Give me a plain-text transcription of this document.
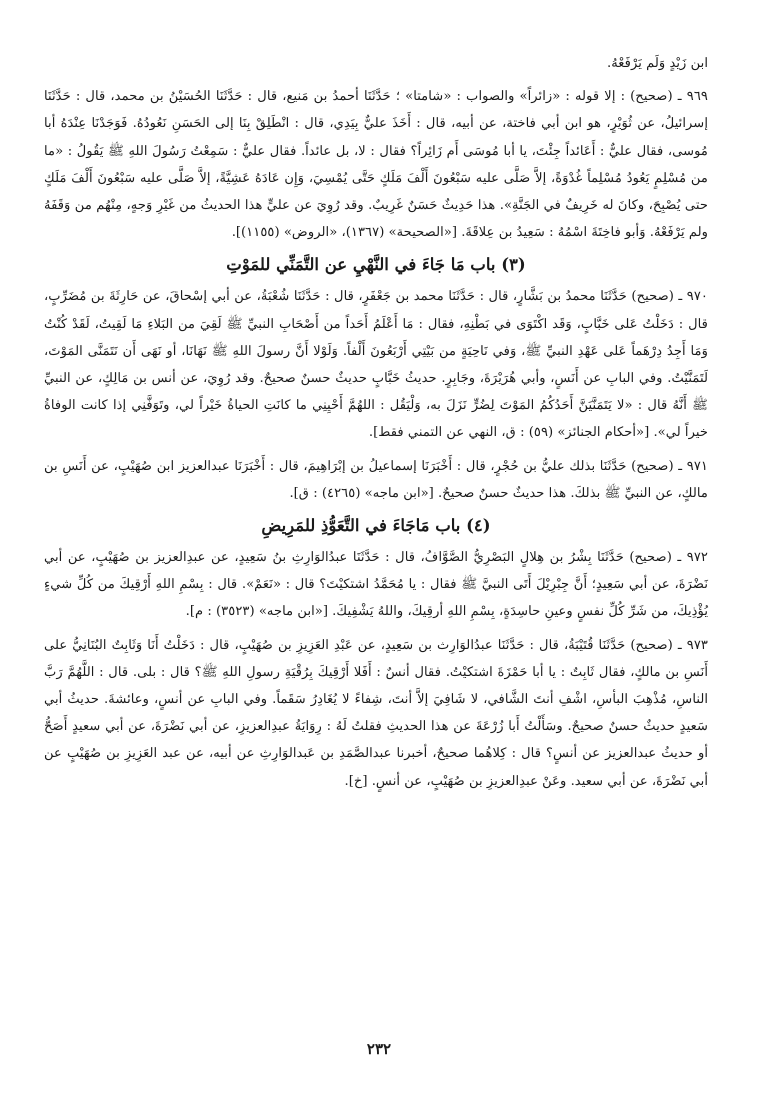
ابن زَيْدٍ وَلَم يَرْفَعْهُ.

٩٦٩ ـ (صحيح) : إلا قوله : «زائراً» والصواب : «شامتا» ؛ حَدَّثَنَا أحمدُ بن مَنيع، قال : حَدَّثَنَا الحُسَيْنُ بن محمد، قال : حَدَّثَنَا إسرائيلُ، عن ثُوَيْرٍ، هو ابن أبي فاختة، عن أبيه، قال : أَخَذَ عليٌّ بِيَدِي، قال : انْطَلِقْ بِنَا إلى الحَسَنِ نَعُودُهُ. فَوَجَدْنَا عِنْدَهُ أبا مُوسى، فقال عليٌّ : أَعَائداً جِئْتَ، يا أبا مُوسَى أَم زَائِراً؟ فقال : لا، بل عائداً. فقال عليٌّ : سَمِعْتُ رَسُولَ اللهِ ﷺ يَقُولُ : «ما من مُسْلِمٍ يَعُودُ مُسْلِماً غُدْوَةً، إلاَّ صَلَّى عليه سَبْعُونَ أَلْفَ مَلَكٍ حَتَّى يُمْسِيَ، وَإِن عَادَهُ عَشِيَّةً، إلاَّ صَلَّى عليه سَبْعُونَ أَلْفَ مَلَكٍ حتى يُصْبِحَ، وكانَ له خَرِيفٌ في الجَنَّةِ». هذا حَدِيثٌ حَسَنٌ غَرِيبٌ. وقد رُوِيَ عن عليٍّ هذا الحديثُ من غَيْرِ وَجهٍ، مِنْهُم من وَقَفَهُ ولم يَرْفَعْهُ. وَأبو فاخِتَةَ اسْمُهُ : سَعِيدُ بن عِلاقَةَ. [«الصحيحة» (١٣٦٧)، «الروض» (١١٥٥)].

(٣) باب مَا جَاءَ في النَّهْيِ عن التَّمَنِّي للمَوْتِ

٩٧٠ ـ (صحيح) حَدَّثَنَا محمدُ بن بَشَّارٍ، قال : حَدَّثَنَا محمد بن جَعْفَرٍ، قال : حَدَّثَنَا شُعْبَةُ، عن أبي إسْحاقَ، عن حَارِثَةَ بن مُضَرِّبٍ، قال : دَخَلْتُ عَلى خَبَّابٍ، وَقَد اكْتَوَى في بَطْنِهِ، فقال : مَا أَعْلَمُ أَحَداً من أَصْحَابِ النبيِّ ﷺ لَقِيَ من البَلاءِ مَا لَقِيتُ، لَقَدْ كُنْتُ وَمَا أَجِدُ دِرْهَماً عَلى عَهْدِ النبيِّ ﷺ، وَفي نَاحِيَةٍ من بَيْتِي أَرْبَعُونَ أَلْفاً. وَلَوْلا أَنَّ رسولَ اللهِ ﷺ نَهَانَا، أو نَهَى أَن نَتَمَنَّى المَوْتَ، لَتَمَنَّيْتُ. وفي البابِ عن أَنَسٍ، وأبي هُرَيْرَةَ، وجَابِرٍ. حديثُ خَبَّابٍ حديثٌ حسنٌ صحيحٌ. وقد رُوِيَ، عن أنس بن مَالِكٍ، عن النبيِّ ﷺ أَنَّهُ قال : «لا يَتَمَنَّيَنَّ أَحَدُكُمُ المَوْتَ لِضُرٍّ نَزَلَ به، وَلْيَقُل : اللهُمَّ أَحْيِنِي ما كانَتِ الحياةُ خَيْراً لي، وتَوَفَّنِي إذا كانت الوفاةُ خيراً لي». [«أحكام الجنائز» (٥٩) : ق، النهي عن التمني فقط].

٩٧١ ـ (صحيح) حَدَّثَنَا بذلك عليُّ بن حُجْرٍ، قال : أَخْبَرَنَا إسماعيلُ بن إبْرَاهِيمَ، قال : أَخْبَرَنَا عبدالعزيز ابن صُهَيْبٍ، عن أَنَسِ بن مالكٍ، عن النبيِّ ﷺ بذلكَ. هذا حديثٌ حسنٌ صحيحٌ. [«ابن ماجه» (٤٢٦٥) : ق].

(٤) باب مَاجَاءَ في التَّعَوُّذِ للمَرِيضِ

٩٧٢ ـ (صحيح) حَدَّثَنَا بِشْرُ بن هِلالٍ البَصْرِيُّ الصَّوَّافُ، قال : حَدَّثَنَا عبدُالوَارِثِ بنُ سَعِيدٍ، عن عبدِالعزيز بن صُهَيْبٍ، عن أبي نَضْرَةَ، عن أبي سَعِيدٍ؛ أَنَّ جِبْرِيْلَ أَتَى النبيَّ ﷺ فقال : يا مُحَمَّدُ اشتكيْتَ؟ قال : «نَعَمْ». قال : بِسْمِ اللهِ أَرْقِيكَ من كُلِّ شيءٍ يُؤْذِيكَ، من شَرِّ كُلِّ نفسٍ وعينِ حاسِدَةٍ، بِسْمِ اللهِ أرقِيكَ، واللهُ يَشْفِيكَ. [«ابن ماجه» (٣٥٢٣) : م].

٩٧٣ ـ (صحيح) حَدَّثَنَا قُتَيْبَةُ، قال : حَدَّثَنَا عبدُالوَارِث بن سَعِيدٍ، عن عَبْدِ العَزِيزِ بن صُهَيْبٍ، قال : دَخَلْتُ أَنَا وَثَابِتٌ البُنَانِيُّ على أَنَسِ بن مالكٍ، فقال ثَابِتٌ : يا أبا حَمْزَةَ اشتكيْتُ. فقال أنسٌ : أَفَلا أَرْقِيكَ بِرُقْيَةِ رسولِ اللهِ ﷺ؟ قال : بلى. قال : اللَّهُمَّ رَبَّ الناسِ، مُذْهِبَ البأسِ، اشْفِ أنتَ الشَّافي، لا شَافِيَ إلاَّ أنتَ، شِفاءً لا يُغَادِرُ سَقَماً. وفي البابِ عن أنسٍ، وعائشةَ. حديثُ أبي سَعيدٍ حديثٌ حسنٌ صحيحٌ. وسَأَلْتُ أَبا زُرْعَةَ عن هذا الحديثِ فقلتُ لَهُ : رِوَايَةُ عبدِالعزيزِ، عن أبي نَضْرَةَ، عن أبي سعيدٍ أَصَحُّ أو حديثُ عبدالعزيز عن أنسٍ؟ قال : كِلاهُما صحيحٌ، أخبرنا عبدالصَّمَدِ بن عَبدالوَارِثِ عن أبيه، عن عبد العَزِيزِ بن صُهَيْبٍ عن أبي نَضْرَةَ، عن أبي سعيد. وعَنْ عبدِالعزيزِ بن صُهَيْبٍ، عن أنسٍ. [خ].

٢٣٢
